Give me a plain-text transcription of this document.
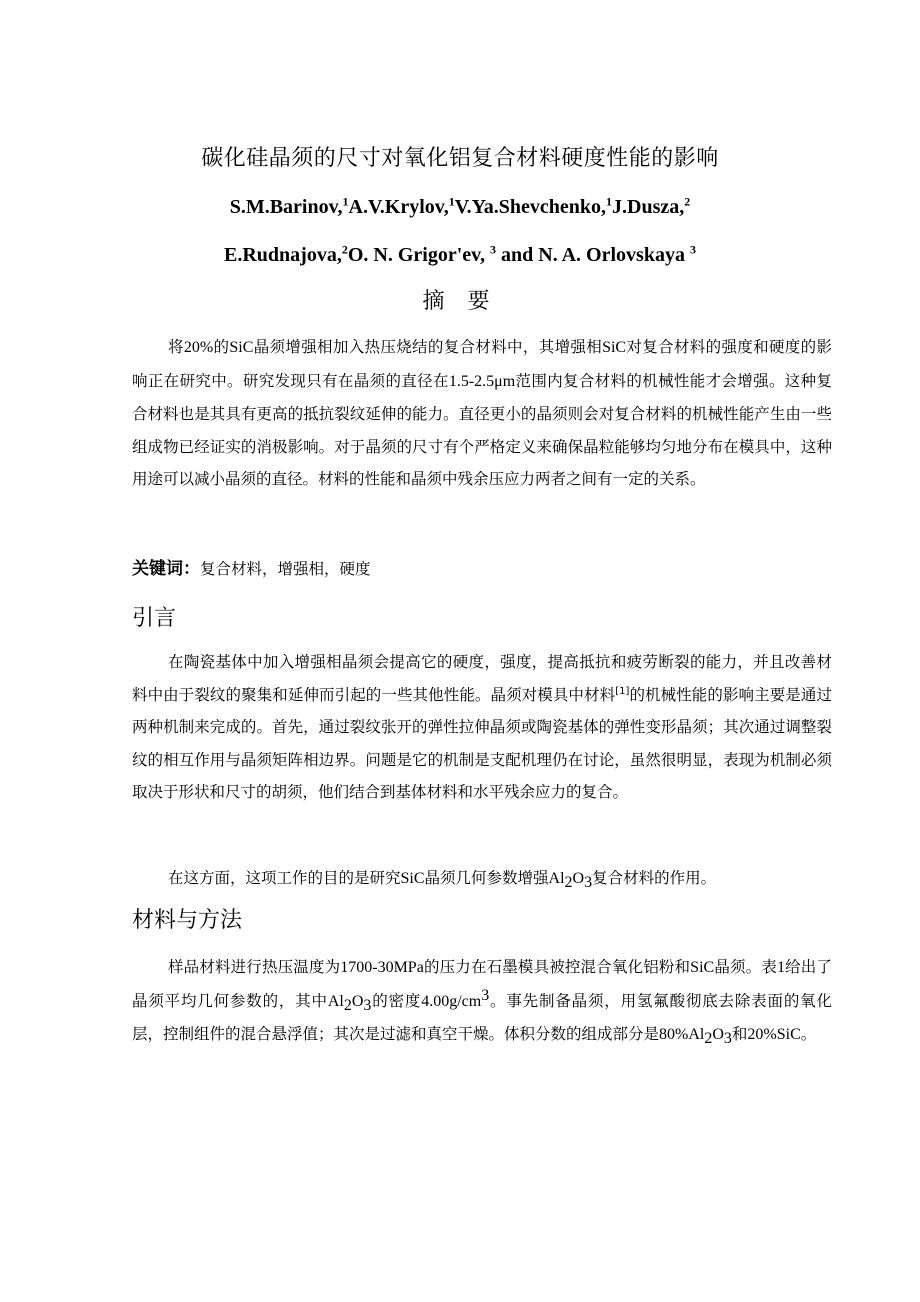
碳化硅晶须的尺寸对氧化铝复合材料硬度性能的影响
S.M.Barinov,$^1$A.V.Krylov,$^1$V.Ya.Shevchenko,$^1$J.Dusza,$^2$
E.Rudnajova,$^2$O. N. Grigor'ev, $^3$ and N. A. Orlovskaya $^3$
摘 要

将20%的SiC晶须增强相加入热压烧结的复合材料中，其增强相SiC对复合材料的强度和硬度的影响正在研究中。研究发现只有在晶须的直径在1.5-2.5μm范围内复合材料的机械性能才会增强。这种复合材料也是其具有更高的抵抗裂纹延伸的能力。直径更小的晶须则会对复合材料的机械性能产生由一些组成物已经证实的消极影响。对于晶须的尺寸有个严格定义来确保晶粒能够均匀地分布在模具中，这种用途可以减小晶须的直径。材料的性能和晶须中残余压应力两者之间有一定的关系。

关键词：复合材料，增强相，硬度
引言

在陶瓷基体中加入增强相晶须会提高它的硬度，强度，提高抵抗和疲劳断裂的能力，并且改善材料中由于裂纹的聚集和延伸而引起的一些其他性能。晶须对模具中材料[1]的机械性能的影响主要是通过两种机制来完成的。首先，通过裂纹张开的弹性拉伸晶须或陶瓷基体的弹性变形晶须；其次通过调整裂纹的相互作用与晶须矩阵相边界。问题是它的机制是支配机理仍在讨论，虽然很明显，表现为机制必须取决于形状和尺寸的胡须，他们结合到基体材料和水平残余应力的复合。

在这方面，这项工作的目的是研究SiC晶须几何参数增强$Al_2O_3$复合材料的作用。

材料与方法

样品材料进行热压温度为1700-30MPa的压力在石墨模具被控混合氧化铝粉和SiC晶须。表1给出了晶须平均几何参数的，其中$Al_2O_3$的密度$4.00g/cm^3$。事先制备晶须，用氢氟酸彻底去除表面的氧化层，控制组件的混合悬浮值；其次是过滤和真空干燥。体积分数的组成部分是$80\%Al_2O_3$和20%SiC。
